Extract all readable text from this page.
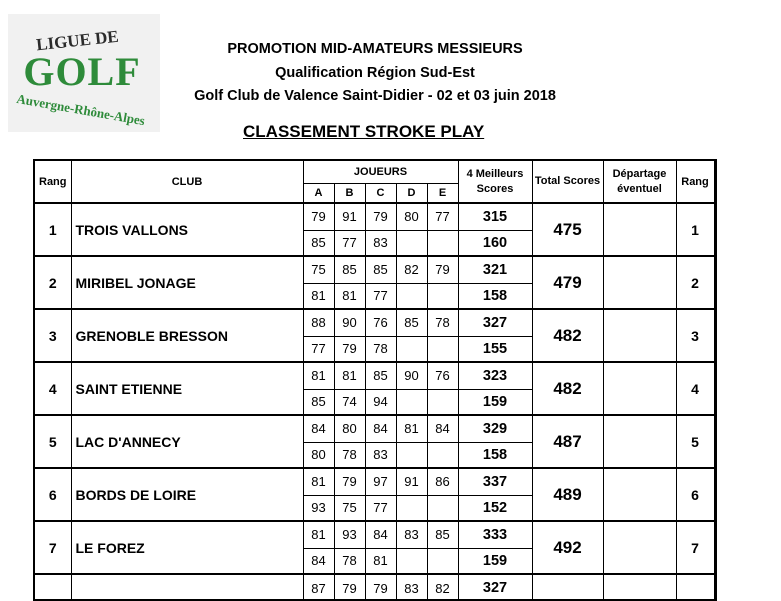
LIGUE DE
GOLF
Auvergne-Rhône-Alpes
PROMOTION MID-AMATEURS MESSIEURS
Qualification Région Sud-Est
Golf Club de Valence Saint-Didier - 02 et 03 juin 2018
CLASSEMENT STROKE PLAY
Rang	CLUB	JOUEURS					4 Meilleurs Scores	Total Scores	Départage éventuel	Rang	
		A	B	C	D	E					
1	TROIS VALLONS	79	91	79	80	77	315	475		1	
		85	77	83			160				
2	MIRIBEL JONAGE	75	85	85	82	79	321	479		2	
		81	81	77			158				
3	GRENOBLE BRESSON	88	90	76	85	78	327	482		3	
		77	79	78			155				
4	SAINT ETIENNE	81	81	85	90	76	323	482		4	
		85	74	94			159				
5	LAC D'ANNECY	84	80	84	81	84	329	487		5	
		80	78	83			158				
6	BORDS DE LOIRE	81	79	97	91	86	337	489		6	
		93	75	77			152				
7	LE FOREZ	81	93	84	83	85	333	492		7	
		84	78	81			159				
		87	79	79	83	82	327				
